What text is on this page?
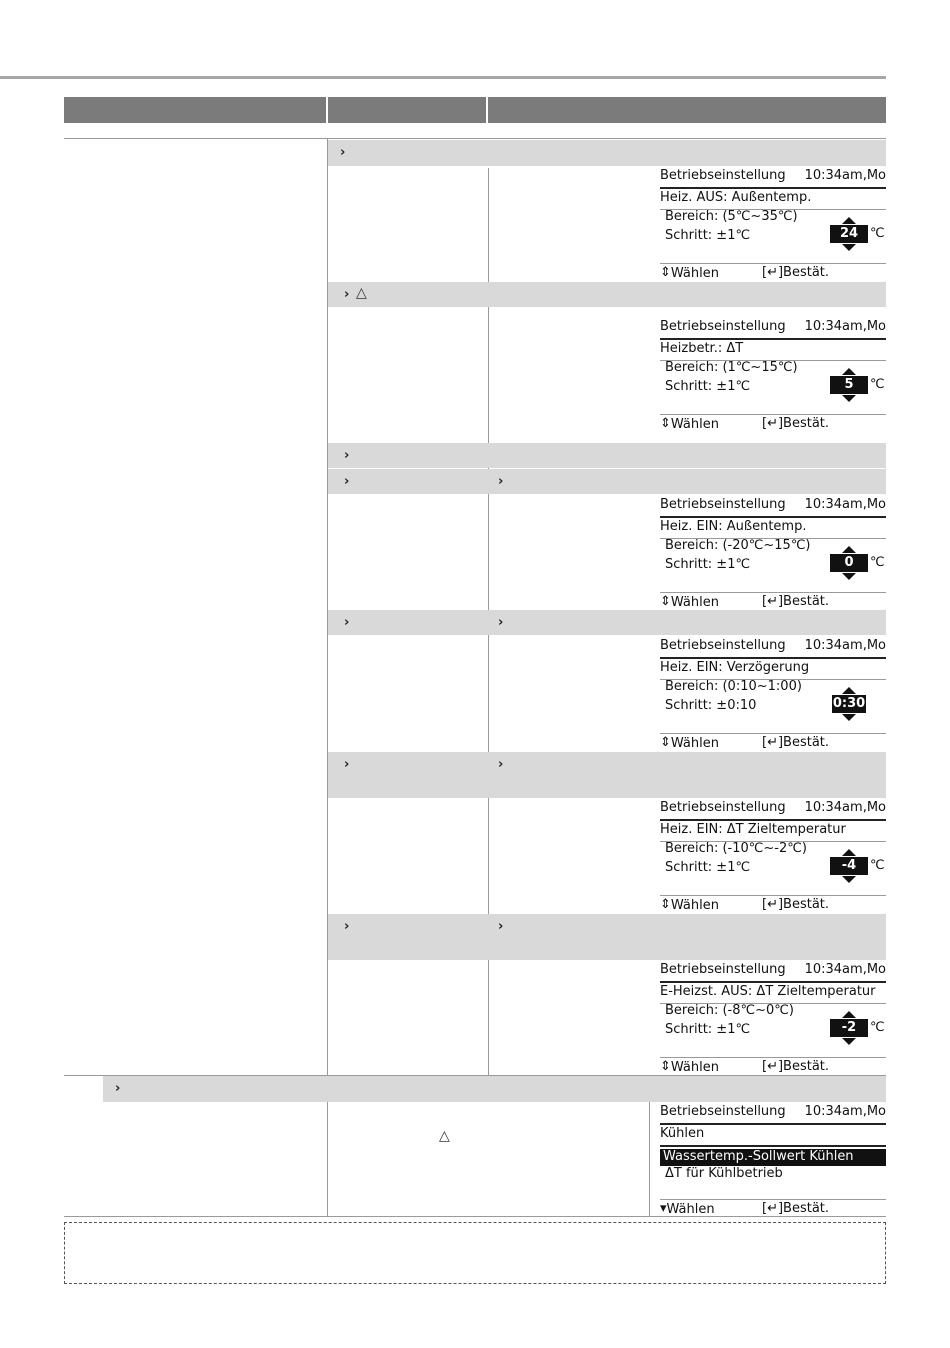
›
› △
›
›	›
›	›
›	›
›	›
›
△
Betriebseinstellung 10:34am,Mo
Heiz. AUS: Außentemp.
Bereich: (5℃~35℃)
Schritt: ±1℃	24 ℃
⇕ Wählen	[↵]Bestät.
Betriebseinstellung 10:34am,Mo
Heizbetr.: ΔT
Bereich: (1℃~15℃)
Schritt: ±1℃	5	℃
⇕ Wählen	[↵]Bestät.
Betriebseinstellung 10:34am,Mo
Heiz. EIN: Außentemp.
Bereich: (-20℃~15℃)
Schritt: ±1℃	0	℃
⇕ Wählen	[↵]Bestät.
Betriebseinstellung 10:34am,Mo
Heiz. EIN: Verzögerung
Bereich: (0:10~1:00)
Schritt: ±0:10	0:30
⇕ Wählen	[↵]Bestät.
Betriebseinstellung 10:34am,Mo
Heiz. EIN: ΔT Zieltemperatur
Bereich: (-10℃~-2℃)
Schritt: ±1℃	-4	℃
⇕ Wählen	[↵]Bestät.
Betriebseinstellung 10:34am,Mo
E-Heizst. AUS: ΔT Zieltemperatur
Bereich: (-8℃~0℃)
Schritt: ±1℃	-2	℃
⇕ Wählen	[↵]Bestät.
Betriebseinstellung 10:34am,Mo
Kühlen
Wassertemp.-Sollwert Kühlen
ΔT für Kühlbetrieb
▾ Wählen	[↵]Bestät.
